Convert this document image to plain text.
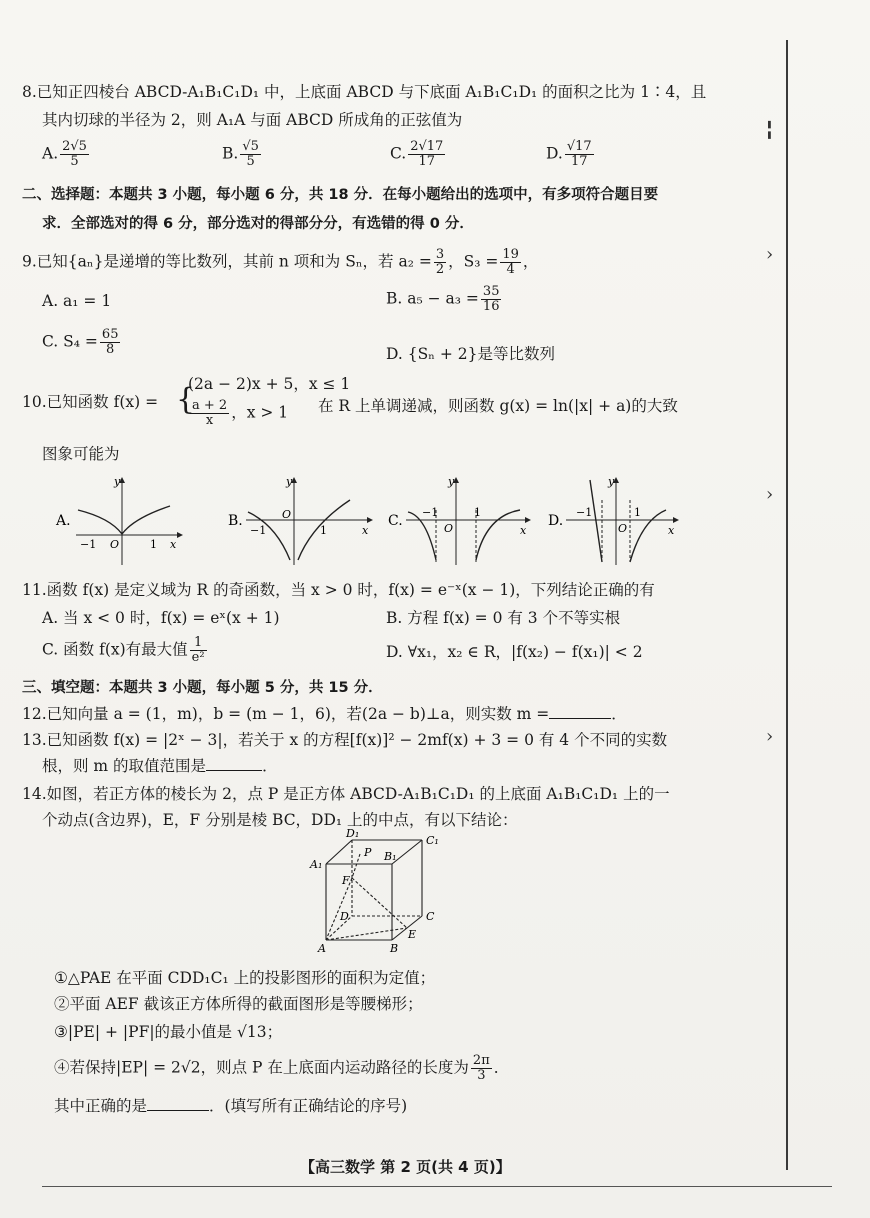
╏
›
›
›
8.已知正四棱台 ABCD-A₁B₁C₁D₁ 中，上底面 ABCD 与下底面 A₁B₁C₁D₁ 的面积之比为 1∶4，且
其内切球的半径为 2，则 A₁A 与面 ABCD 所成角的正弦值为
A. $\frac{2√5}{5}$	B. $\frac{√5}{5}$	C. $\frac{2√17}{17}$	D. $\frac{√17}{17}$
二、选择题：本题共 3 小题，每小题 6 分，共 18 分．在每小题给出的选项中，有多项符合题目要
求．全部选对的得 6 分，部分选对的得部分分，有选错的得 0 分．
9.已知{aₙ}是递增的等比数列，其前 n 项和为 Sₙ，若 $a_2 = \frac{3}{2}$ ，$S_3 = \frac{19}{4}$ ，
A. a₁ = 1	B. $a_5 - a_3 = \frac{35}{16}$
C. $S_4 = \frac{65}{8}$	D. {Sₙ + 2}是等比数列
10.已知函数 f(x) = {
(2a − 2)x + 5，x ≤ 1
$\frac{a + 2}{x}$ ，x > 1 在 R 上单调递减，则函数 g(x) = ln(|x| + a)的大致
图象可能为
A.
y
x
O
−1	1
B.
y
x
O
−1	1
C.
y
x
O
−1	1
D.
y
x
O
−1	1
11.函数 f(x) 是定义域为 R 的奇函数，当 x > 0 时，f(x) = e⁻ˣ(x − 1)，下列结论正确的有
A. 当 x < 0 时，f(x) = eˣ(x + 1)	B. 方程 f(x) = 0 有 3 个不等实根
C. 函数 f(x)有最大值 $\frac{1}{\text{e²}}$	D. ∀x₁，x₂ ∈ R，|f(x₂) − f(x₁)| < 2
三、填空题：本题共 3 小题，每小题 5 分，共 15 分．
12.已知向量 a = (1，m)，b = (m − 1，6)，若(2a − b)⊥a，则实数 m =	．
13.已知函数 f(x) = |2ˣ − 3|，若关于 x 的方程[f(x)]² − 2mf(x) + 3 = 0 有 4 个不同的实数
根，则 m 的取值范围是	．
14.如图，若正方体的棱长为 2，点 P 是正方体 ABCD-A₁B₁C₁D₁ 的上底面 A₁B₁C₁D₁ 上的一
个动点(含边界)，E，F 分别是棱 BC，DD₁ 上的中点，有以下结论：
D₁
C₁
A₁
B₁
P
F
D	C
A	B
E
①△PAE 在平面 CDD₁C₁ 上的投影图形的面积为定值；
②平面 AEF 截该正方体所得的截面图形是等腰梯形；
③|PE| + |PF|的最小值是 √13；
④若保持|EP| = 2√2，则点 P 在上底面内运动路径的长度为 $\frac{2\pi}{3}$ ．
其中正确的是	．(填写所有正确结论的序号)
【高三数学 第 2 页(共 4 页)】
